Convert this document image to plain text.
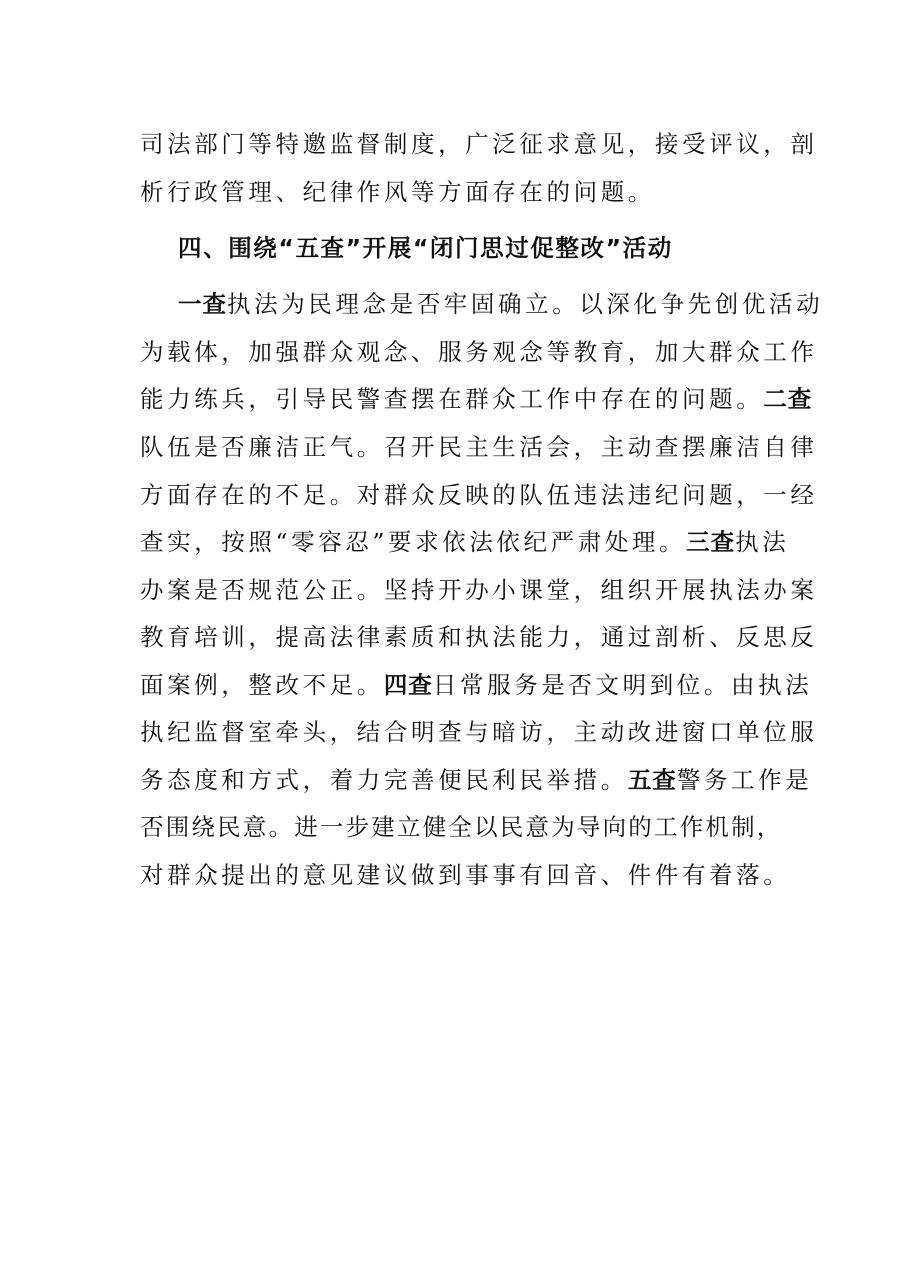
司法部门等特邀监督制度，广泛征求意见，接受评议，剖
析行政管理、纪律作风等方面存在的问题。
四、围绕“五查”开展“闭门思过促整改”活动
一查执法为民理念是否牢固确立。以深化争先创优活动
为载体，加强群众观念、服务观念等教育，加大群众工作
能力练兵，引导民警查摆在群众工作中存在的问题。二查
队伍是否廉洁正气。召开民主生活会，主动查摆廉洁自律
方面存在的不足。对群众反映的队伍违法违纪问题，一经
查实，按照“零容忍”要求依法依纪严肃处理。三查执法
办案是否规范公正。坚持开办小课堂，组织开展执法办案
教育培训，提高法律素质和执法能力，通过剖析、反思反
面案例，整改不足。四查日常服务是否文明到位。由执法
执纪监督室牵头，结合明查与暗访，主动改进窗口单位服
务态度和方式，着力完善便民利民举措。五查警务工作是
否围绕民意。进一步建立健全以民意为导向的工作机制，
对群众提出的意见建议做到事事有回音、件件有着落。
